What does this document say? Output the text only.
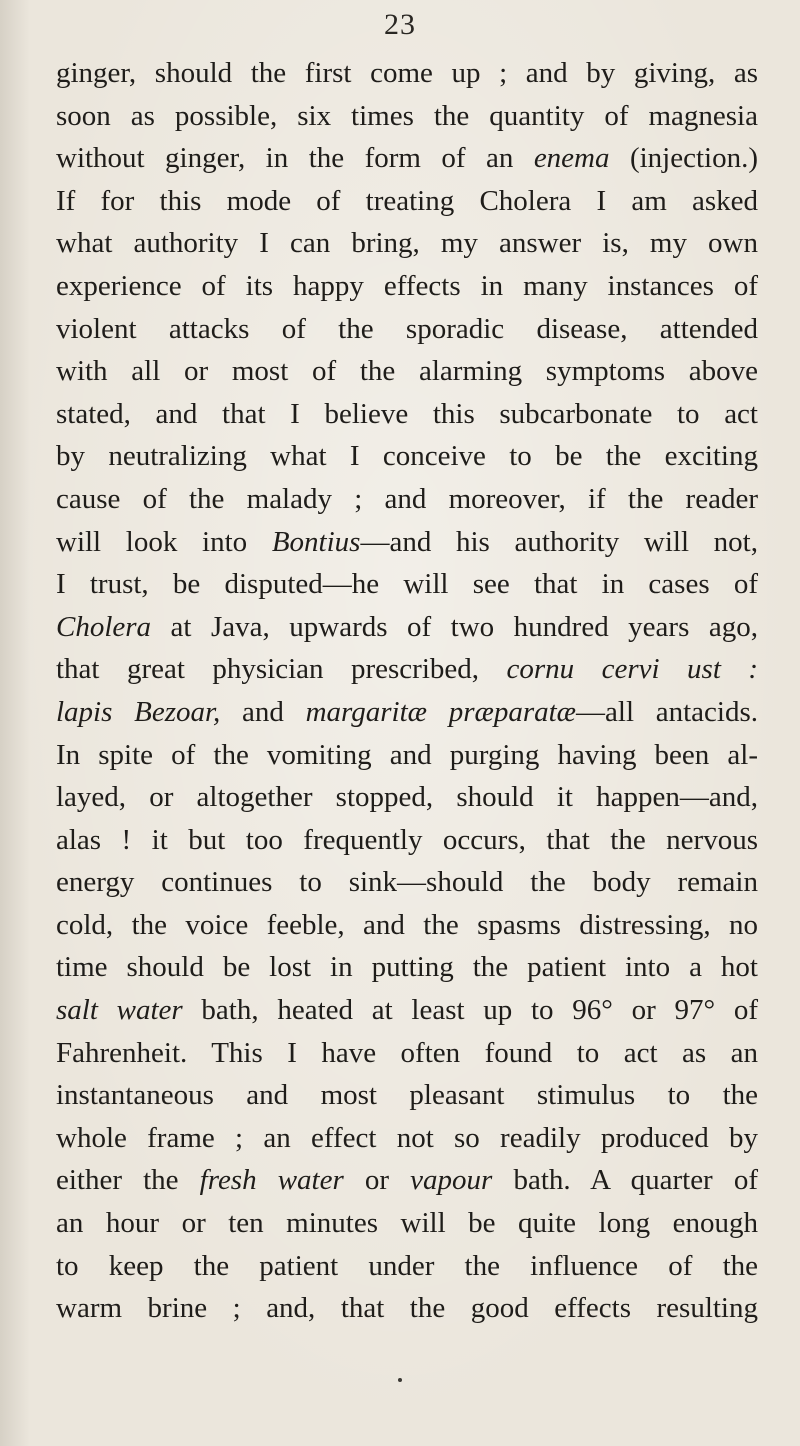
23
ginger, should the first come up ; and by giving, as
soon as possible, six times the quantity of magnesia
without ginger, in the form of an enema (injection.)
If for this mode of treating Cholera I am asked
what authority I can bring, my answer is, my own
experience of its happy effects in many instances of
violent attacks of the sporadic disease, attended
with all or most of the alarming symptoms above
stated, and that I believe this subcarbonate to act
by neutralizing what I conceive to be the exciting
cause of the malady ; and moreover, if the reader
will look into Bontius—and his authority will not,
I trust, be disputed—he will see that in cases of
Cholera at Java, upwards of two hundred years ago,
that great physician prescribed, cornu cervi ust :
lapis Bezoar, and margaritæ præparatæ—all antacids.
In spite of the vomiting and purging having been al-
layed, or altogether stopped, should it happen—and,
alas ! it but too frequently occurs, that the nervous
energy continues to sink—should the body remain
cold, the voice feeble, and the spasms distressing, no
time should be lost in putting the patient into a hot
salt water bath, heated at least up to 96° or 97° of
Fahrenheit. This I have often found to act as an
instantaneous and most pleasant stimulus to the
whole frame ; an effect not so readily produced by
either the fresh water or vapour bath. A quarter of
an hour or ten minutes will be quite long enough
to keep the patient under the influence of the
warm brine ; and, that the good effects resulting
